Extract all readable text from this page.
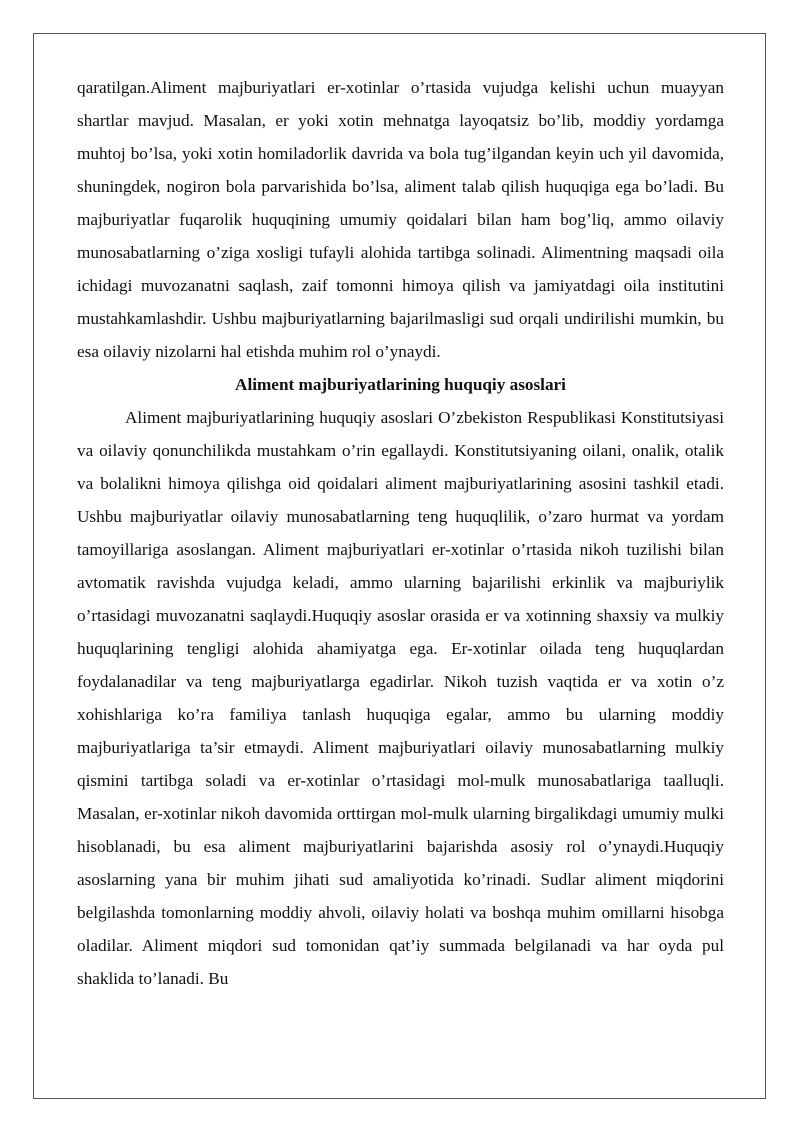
qaratilgan.Aliment majburiyatlari er-xotinlar o’rtasida vujudga kelishi uchun muayyan shartlar mavjud. Masalan, er yoki xotin mehnatga layoqatsiz bo’lib, moddiy yordamga muhtoj bo’lsa, yoki xotin homiladorlik davrida va bola tug’ilgandan keyin uch yil davomida, shuningdek, nogiron bola parvarishida bo’lsa, aliment talab qilish huquqiga ega bo’ladi. Bu majburiyatlar fuqarolik huquqining umumiy qoidalari bilan ham bog’liq, ammo oilaviy munosabatlarning o’ziga xosligi tufayli alohida tartibga solinadi. Alimentning maqsadi oila ichidagi muvozanatni saqlash, zaif tomonni himoya qilish va jamiyatdagi oila institutini mustahkamlashdir. Ushbu majburiyatlarning bajarilmasligi sud orqali undirilishi mumkin, bu esa oilaviy nizolarni hal etishda muhim rol o’ynaydi.

Aliment majburiyatlarining huquqiy asoslari

Aliment majburiyatlarining huquqiy asoslari O’zbekiston Respublikasi Konstitutsiyasi va oilaviy qonunchilikda mustahkam o’rin egallaydi. Konstitutsiyaning oilani, onalik, otalik va bolalikni himoya qilishga oid qoidalari aliment majburiyatlarining asosini tashkil etadi. Ushbu majburiyatlar oilaviy munosabatlarning teng huquqlilik, o’zaro hurmat va yordam tamoyillariga asoslangan. Aliment majburiyatlari er-xotinlar o’rtasida nikoh tuzilishi bilan avtomatik ravishda vujudga keladi, ammo ularning bajarilishi erkinlik va majburiylik o’rtasidagi muvozanatni saqlaydi.Huquqiy asoslar orasida er va xotinning shaxsiy va mulkiy huquqlarining tengligi alohida ahamiyatga ega. Er-xotinlar oilada teng huquqlardan foydalanadilar va teng majburiyatlarga egadirlar. Nikoh tuzish vaqtida er va xotin o’z xohishlariga ko’ra familiya tanlash huquqiga egalar, ammo bu ularning moddiy majburiyatlariga ta’sir etmaydi. Aliment majburiyatlari oilaviy munosabatlarning mulkiy qismini tartibga soladi va er-xotinlar o’rtasidagi mol-mulk munosabatlariga taalluqli. Masalan, er-xotinlar nikoh davomida orttirgan mol-mulk ularning birgalikdagi umumiy mulki hisoblanadi, bu esa aliment majburiyatlarini bajarishda asosiy rol o’ynaydi.Huquqiy asoslarning yana bir muhim jihati sud amaliyotida ko’rinadi. Sudlar aliment miqdorini belgilashda tomonlarning moddiy ahvoli, oilaviy holati va boshqa muhim omillarni hisobga oladilar. Aliment miqdori sud tomonidan qat’iy summada belgilanadi va har oyda pul shaklida to’lanadi. Bu
